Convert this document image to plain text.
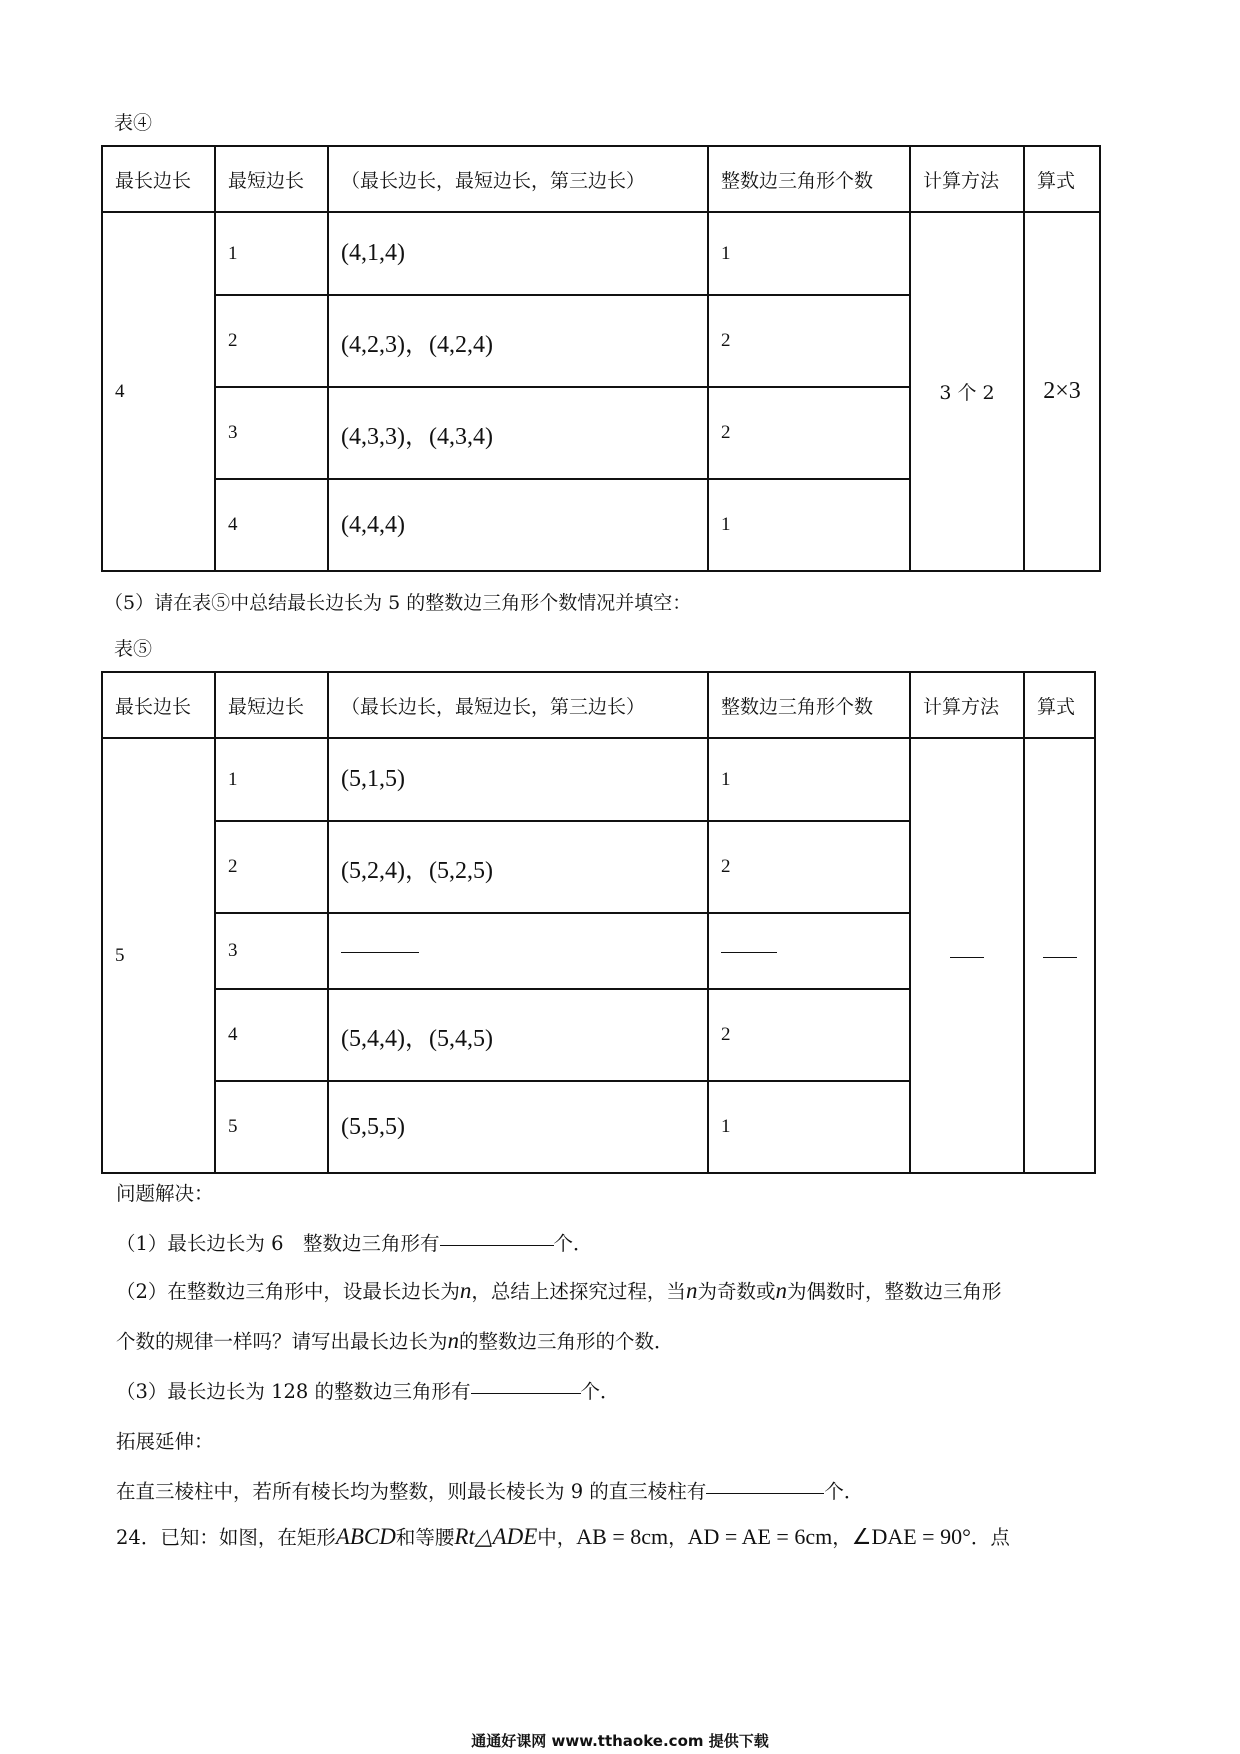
表④
最长边长	最短边长	（最长边长，最短边长，第三边长）	整数边三角形个数	计算方法	算式
4	1	(4,1,4)	1	3 个 2	2×3
	2	(4,2,3)，(4,2,4)	2		
	3	(4,3,3)，(4,3,4)	2		
	4	(4,4,4)	1		
（5）请在表⑤中总结最长边长为 5 的整数边三角形个数情况并填空：
表⑤
最长边长	最短边长	（最长边长，最短边长，第三边长）	整数边三角形个数	计算方法	算式
5	1	(5,1,5)	1		
	2	(5,2,4)，(5,2,5)	2		
	3				
	4	(5,4,4)，(5,4,5)	2		
	5	(5,5,5)	1		
问题解决：
（1）最长边长为 6　整数边三角形有	个．
（2）在整数边三角形中，设最长边长为n，总结上述探究过程，当n为奇数或n为偶数时，整数边三角形
个数的规律一样吗？请写出最长边长为n的整数边三角形的个数．
（3）最长边长为 128 的整数边三角形有	个．
拓展延伸：
在直三棱柱中，若所有棱长均为整数，则最长棱长为 9 的直三棱柱有	个．
24．已知：如图，在矩形ABCD和等腰Rt△ADE中，AB = 8cm，AD = AE = 6cm，∠DAE = 90°．点
通通好课网 www.tthaoke.com 提供下载
